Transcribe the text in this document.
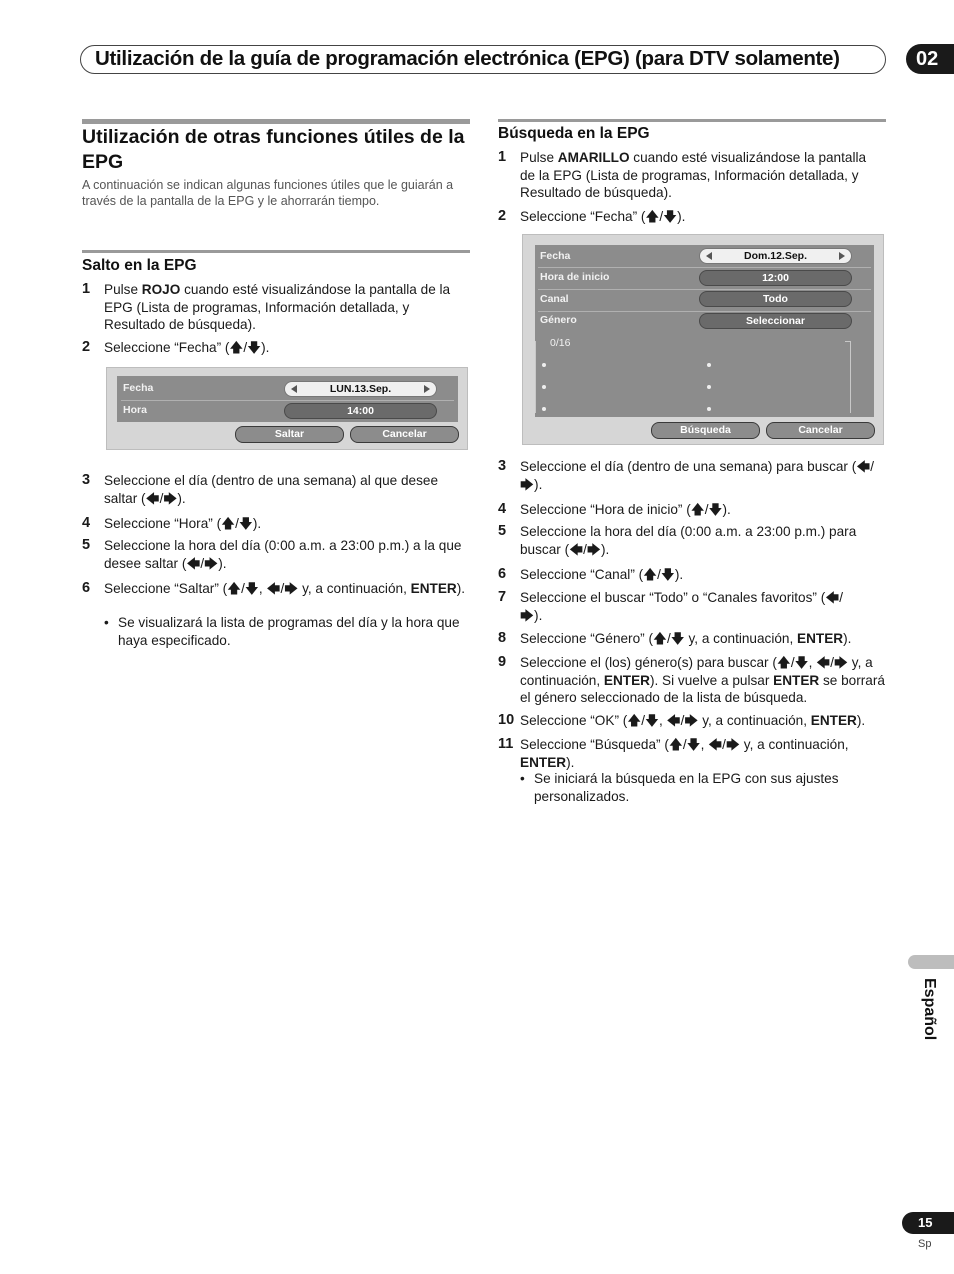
Utilización de la guía de programación electrónica (EPG) (para DTV solamente)	02
Utilización de otras funciones útiles de la EPG
A continuación se indican algunas funciones útiles que le guiarán a través de la pantalla de la EPG y le ahorrarán tiempo.
Salto en la EPG
1	Pulse ROJO cuando esté visualizándose la pantalla de la EPG (Lista de programas, Información detallada, y Resultado de búsqueda).
2	Seleccione “Fecha” (🡅/🡇).
Fecha	LUN.13.Sep.
Hora	14:00
Saltar	Cancelar
3	Seleccione el día (dentro de una semana) al que desee saltar (🡄/🡆).
4	Seleccione “Hora” (🡅/🡇).
5	Seleccione la hora del día (0:00 a.m. a 23:00 p.m.) a la que desee saltar (🡄/🡆).
6	Seleccione “Saltar” (🡅/🡇, 🡄/🡆 y, a continuación, ENTER).
• Se visualizará la lista de programas del día y la hora que haya especificado.
Búsqueda en la EPG
1	Pulse AMARILLO cuando esté visualizándose la pantalla de la EPG (Lista de programas, Información detallada, y Resultado de búsqueda).
2	Seleccione “Fecha” (🡅/🡇).
Fecha	Dom.12.Sep.
Hora de inicio	12:00
Canal	Todo
Género	Seleccionar
0/16
Búsqueda	Cancelar
3	Seleccione el día (dentro de una semana) para buscar (🡄/🡆).
4	Seleccione “Hora de inicio” (🡅/🡇).
5	Seleccione la hora del día (0:00 a.m. a 23:00 p.m.) para buscar (🡄/🡆).
6	Seleccione “Canal” (🡅/🡇).
7	Seleccione el buscar “Todo” o “Canales favoritos” (🡄/
🡆).
8	Seleccione “Género” (🡅/🡇 y, a continuación, ENTER).
9	Seleccione el (los) género(s) para buscar (🡅/🡇, 🡄/🡆 y, a continuación, ENTER). Si vuelve a pulsar ENTER se borrará el género seleccionado de la lista de búsqueda.
10 Seleccione “OK” (🡅/🡇, 🡄/🡆 y, a continuación, ENTER).
11 Seleccione “Búsqueda” (🡅/🡇, 🡄/🡆 y, a continuación, ENTER).
• Se iniciará la búsqueda en la EPG con sus ajustes personalizados.
Español
15
Sp
